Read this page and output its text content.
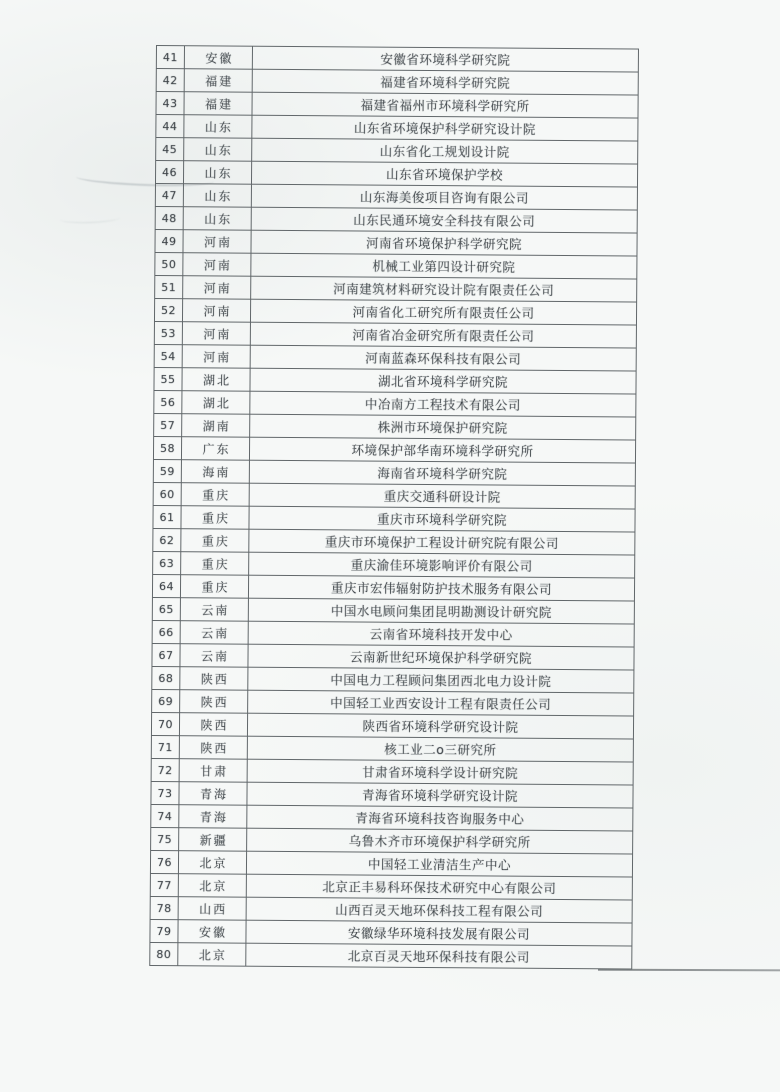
41	安徽	安徽省环境科学研究院
42	福建	福建省环境科学研究院
43	福建	福建省福州市环境科学研究所
44	山东	山东省环境保护科学研究设计院
45	山东	山东省化工规划设计院
46	山东	山东省环境保护学校
47	山东	山东海美俊项目咨询有限公司
48	山东	山东民通环境安全科技有限公司
49	河南	河南省环境保护科学研究院
50	河南	机械工业第四设计研究院
51	河南	河南建筑材料研究设计院有限责任公司
52	河南	河南省化工研究所有限责任公司
53	河南	河南省冶金研究所有限责任公司
54	河南	河南蓝森环保科技有限公司
55	湖北	湖北省环境科学研究院
56	湖北	中冶南方工程技术有限公司
57	湖南	株洲市环境保护研究院
58	广东	环境保护部华南环境科学研究所
59	海南	海南省环境科学研究院
60	重庆	重庆交通科研设计院
61	重庆	重庆市环境科学研究院
62	重庆	重庆市环境保护工程设计研究院有限公司
63	重庆	重庆渝佳环境影响评价有限公司
64	重庆	重庆市宏伟辐射防护技术服务有限公司
65	云南	中国水电顾问集团昆明勘测设计研究院
66	云南	云南省环境科技开发中心
67	云南	云南新世纪环境保护科学研究院
68	陕西	中国电力工程顾问集团西北电力设计院
69	陕西	中国轻工业西安设计工程有限责任公司
70	陕西	陕西省环境科学研究设计院
71	陕西	核工业二o三研究所
72	甘肃	甘肃省环境科学设计研究院
73	青海	青海省环境科学研究设计院
74	青海	青海省环境科技咨询服务中心
75	新疆	乌鲁木齐市环境保护科学研究所
76	北京	中国轻工业清洁生产中心
77	北京	北京正丰易科环保技术研究中心有限公司
78	山西	山西百灵天地环保科技工程有限公司
79	安徽	安徽绿华环境科技发展有限公司
80	北京	北京百灵天地环保科技有限公司
